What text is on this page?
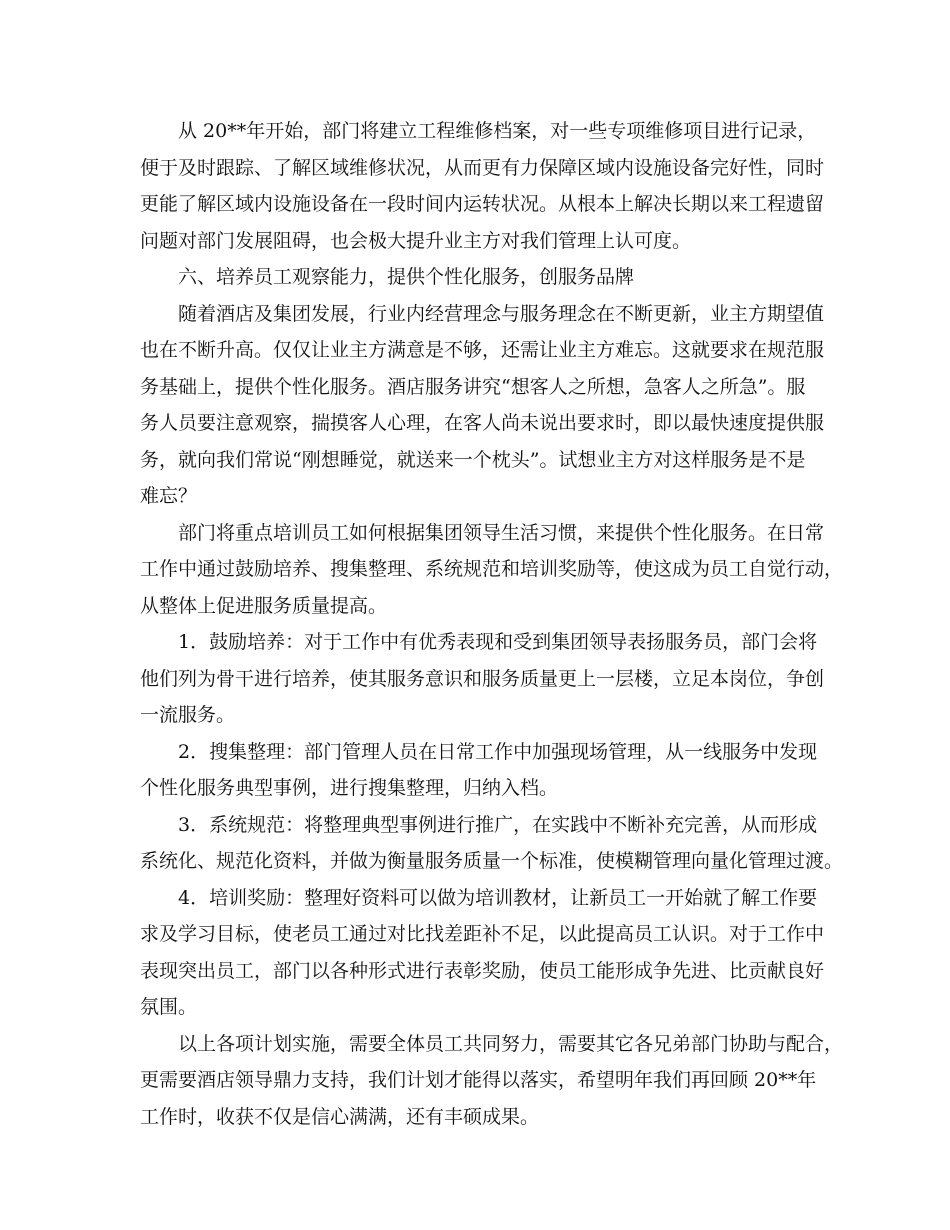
从 20**年开始，部门将建立工程维修档案，对一些专项维修项目进行记录，
便于及时跟踪、了解区域维修状况，从而更有力保障区域内设施设备完好性，同时
更能了解区域内设施设备在一段时间内运转状况。从根本上解决长期以来工程遗留
问题对部门发展阻碍，也会极大提升业主方对我们管理上认可度。
六、培养员工观察能力，提供个性化服务，创服务品牌
随着酒店及集团发展，行业内经营理念与服务理念在不断更新，业主方期望值
也在不断升高。仅仅让业主方满意是不够，还需让业主方难忘。这就要求在规范服
务基础上，提供个性化服务。酒店服务讲究“想客人之所想，急客人之所急”。服
务人员要注意观察，揣摸客人心理，在客人尚未说出要求时，即以最快速度提供服
务，就向我们常说“刚想睡觉，就送来一个枕头”。试想业主方对这样服务是不是
难忘？
部门将重点培训员工如何根据集团领导生活习惯，来提供个性化服务。在日常
工作中通过鼓励培养、搜集整理、系统规范和培训奖励等，使这成为员工自觉行动，
从整体上促进服务质量提高。
1．鼓励培养：对于工作中有优秀表现和受到集团领导表扬服务员，部门会将
他们列为骨干进行培养，使其服务意识和服务质量更上一层楼，立足本岗位，争创
一流服务。
2．搜集整理：部门管理人员在日常工作中加强现场管理，从一线服务中发现
个性化服务典型事例，进行搜集整理，归纳入档。
3．系统规范：将整理典型事例进行推广，在实践中不断补充完善，从而形成
系统化、规范化资料，并做为衡量服务质量一个标准，使模糊管理向量化管理过渡。
4．培训奖励：整理好资料可以做为培训教材，让新员工一开始就了解工作要
求及学习目标，使老员工通过对比找差距补不足，以此提高员工认识。对于工作中
表现突出员工，部门以各种形式进行表彰奖励，使员工能形成争先进、比贡献良好
氛围。
以上各项计划实施，需要全体员工共同努力，需要其它各兄弟部门协助与配合，
更需要酒店领导鼎力支持，我们计划才能得以落实，希望明年我们再回顾 20**年
工作时，收获不仅是信心满满，还有丰硕成果。
